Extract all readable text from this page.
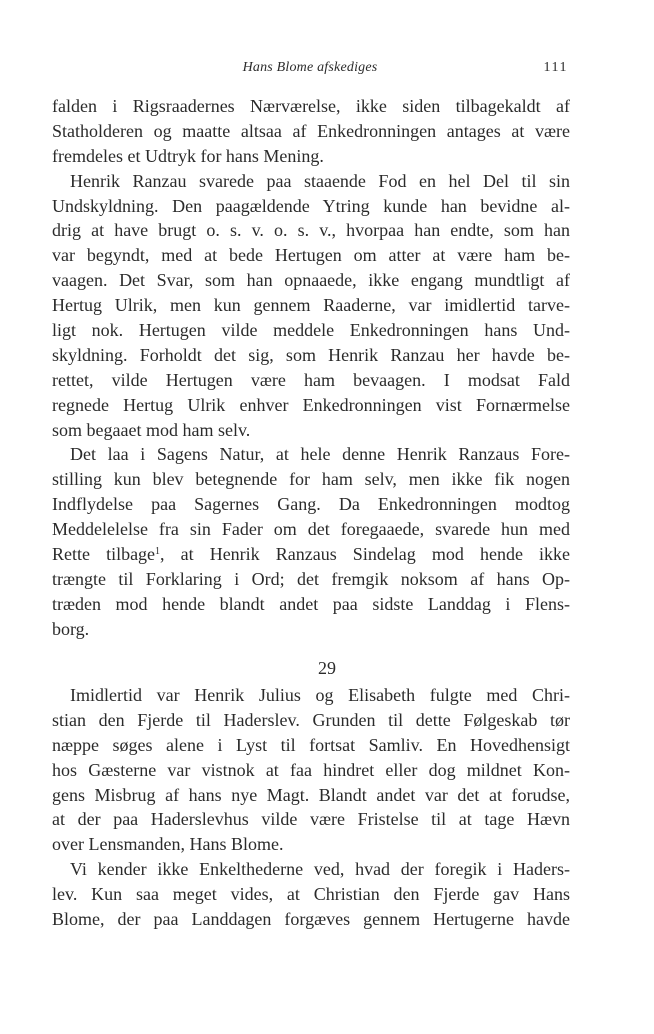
Hans Blome afskediges	111
falden i Rigsraadernes Nærværelse, ikke siden tilbagekaldt af
Statholderen og maatte altsaa af Enkedronningen antages at være
fremdeles et Udtryk for hans Mening.
Henrik Ranzau svarede paa staaende Fod en hel Del til sin
Undskyldning. Den paagældende Ytring kunde han bevidne al-
drig at have brugt o. s. v. o. s. v., hvorpaa han endte, som han
var begyndt, med at bede Hertugen om atter at være ham be-
vaagen. Det Svar, som han opnaaede, ikke engang mundtligt af
Hertug Ulrik, men kun gennem Raaderne, var imidlertid tarve-
ligt nok. Hertugen vilde meddele Enkedronningen hans Und-
skyldning. Forholdt det sig, som Henrik Ranzau her havde be-
rettet, vilde Hertugen være ham bevaagen. I modsat Fald
regnede Hertug Ulrik enhver Enkedronningen vist Fornærmelse
som begaaet mod ham selv.
Det laa i Sagens Natur, at hele denne Henrik Ranzaus Fore-
stilling kun blev betegnende for ham selv, men ikke fik nogen
Indflydelse paa Sagernes Gang. Da Enkedronningen modtog
Meddelelelse fra sin Fader om det foregaaede, svarede hun med
Rette tilbage$^1$, at Henrik Ranzaus Sindelag mod hende ikke
trængte til Forklaring i Ord; det fremgik noksom af hans Op-
træden mod hende blandt andet paa sidste Landdag i Flens-
borg.
29
Imidlertid var Henrik Julius og Elisabeth fulgte med Chri-
stian den Fjerde til Haderslev. Grunden til dette Følgeskab tør
næppe søges alene i Lyst til fortsat Samliv. En Hovedhensigt
hos Gæsterne var vistnok at faa hindret eller dog mildnet Kon-
gens Misbrug af hans nye Magt. Blandt andet var det at forudse,
at der paa Haderslevhus vilde være Fristelse til at tage Hævn
over Lensmanden, Hans Blome.
Vi kender ikke Enkelthederne ved, hvad der foregik i Haders-
lev. Kun saa meget vides, at Christian den Fjerde gav Hans
Blome, der paa Landdagen forgæves gennem Hertugerne havde
